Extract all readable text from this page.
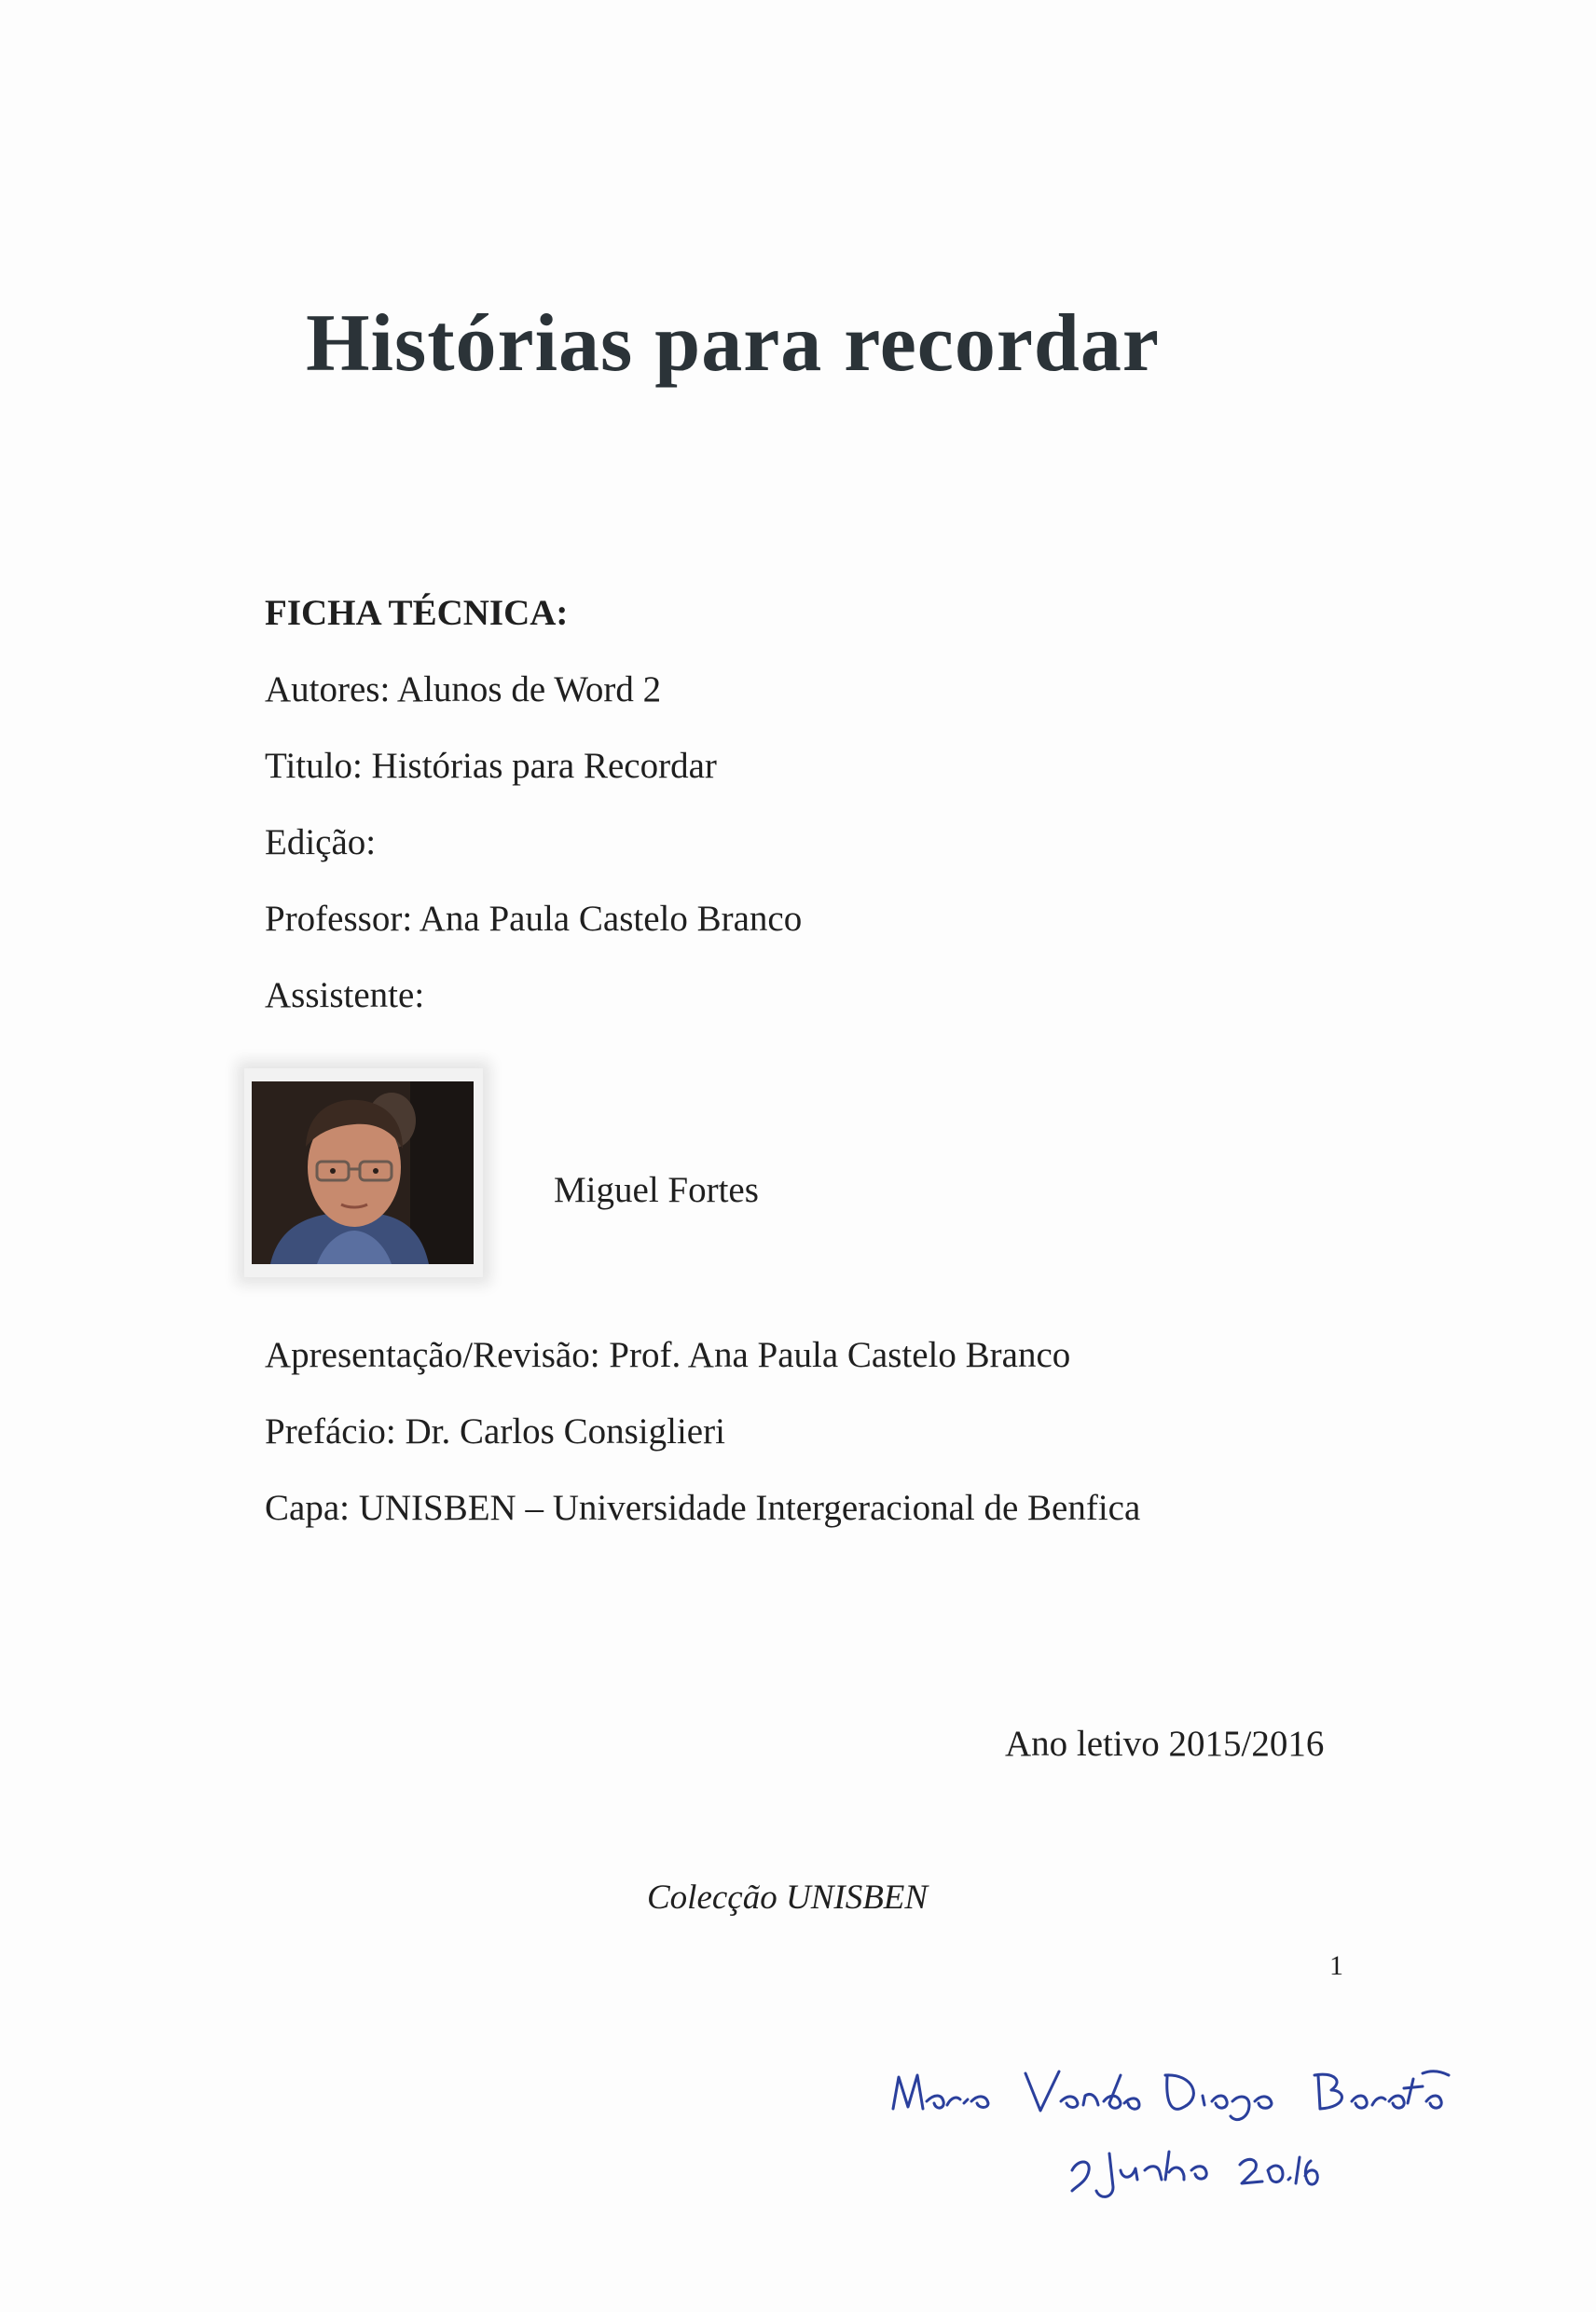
Histórias para recordar
FICHA TÉCNICA:
Autores: Alunos de Word 2
Titulo: Histórias para Recordar
Edição:
Professor: Ana Paula Castelo Branco
Assistente:
Miguel Fortes
Apresentação/Revisão: Prof. Ana Paula Castelo Branco
Prefácio: Dr. Carlos Consiglieri
Capa: UNISBEN – Universidade Intergeracional de Benfica
Ano letivo 2015/2016
Colecção UNISBEN
1
